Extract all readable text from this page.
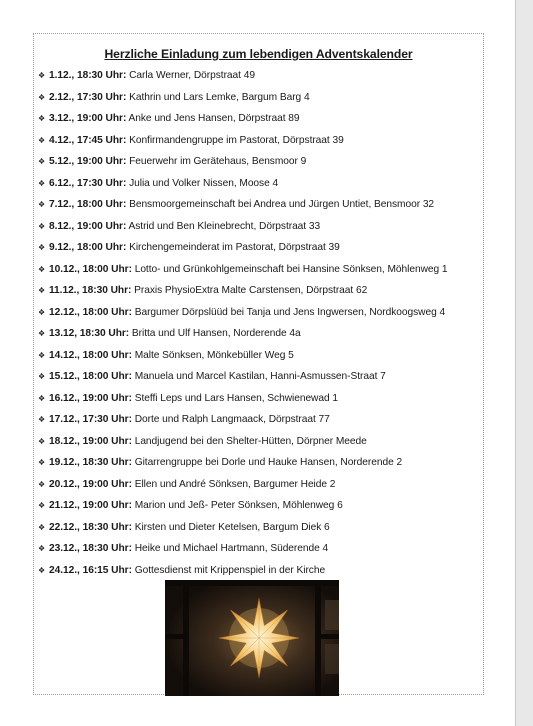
Herzliche Einladung zum lebendigen Adventskalender
❖ 1.12., 18:30 Uhr: Carla Werner, Dörpstraat 49
❖ 2.12., 17:30 Uhr: Kathrin und Lars Lemke, Bargum Barg 4
❖ 3.12., 19:00 Uhr: Anke und Jens Hansen, Dörpstraat 89
❖ 4.12., 17:45 Uhr: Konfirmandengruppe im Pastorat, Dörpstraat 39
❖ 5.12., 19:00 Uhr: Feuerwehr im Gerätehaus, Bensmoor 9
❖ 6.12., 17:30 Uhr: Julia und Volker Nissen, Moose 4
❖ 7.12., 18:00 Uhr: Bensmoorgemeinschaft bei Andrea und Jürgen Untiet, Bensmoor 32
❖ 8.12., 19:00 Uhr: Astrid und Ben Kleinebrecht, Dörpstraat 33
❖ 9.12., 18:00 Uhr: Kirchengemeinderat im Pastorat, Dörpstraat 39
❖ 10.12., 18:00 Uhr: Lotto- und Grünkohlgemeinschaft bei Hansine Sönksen, Möhlenweg 1
❖ 11.12., 18:30 Uhr: Praxis PhysioExtra Malte Carstensen, Dörpstraat 62
❖ 12.12., 18:00 Uhr: Bargumer Dörpslüüd bei Tanja und Jens Ingwersen, Nordkoogsweg 4
❖ 13.12, 18:30 Uhr: Britta und Ulf Hansen, Norderende 4a
❖ 14.12., 18:00 Uhr: Malte Sönksen, Mönkebüller Weg 5
❖ 15.12., 18:00 Uhr: Manuela und Marcel Kastilan, Hanni-Asmussen-Straat 7
❖ 16.12., 19:00 Uhr: Steffi Leps und Lars Hansen, Schwienewad 1
❖ 17.12., 17:30 Uhr: Dorte und Ralph Langmaack, Dörpstraat 77
❖ 18.12., 19:00 Uhr: Landjugend bei den Shelter-Hütten, Dörpner Meede
❖ 19.12., 18:30 Uhr: Gitarrengruppe bei Dorle und Hauke Hansen, Norderende 2
❖ 20.12., 19:00 Uhr: Ellen und André Sönksen, Bargumer Heide 2
❖ 21.12., 19:00 Uhr: Marion und Jeß- Peter Sönksen, Möhlenweg 6
❖ 22.12., 18:30 Uhr: Kirsten und Dieter Ketelsen, Bargum Diek 6
❖ 23.12., 18:30 Uhr: Heike und Michael Hartmann, Süderende 4
❖ 24.12., 16:15 Uhr: Gottesdienst mit Krippenspiel in der Kirche
